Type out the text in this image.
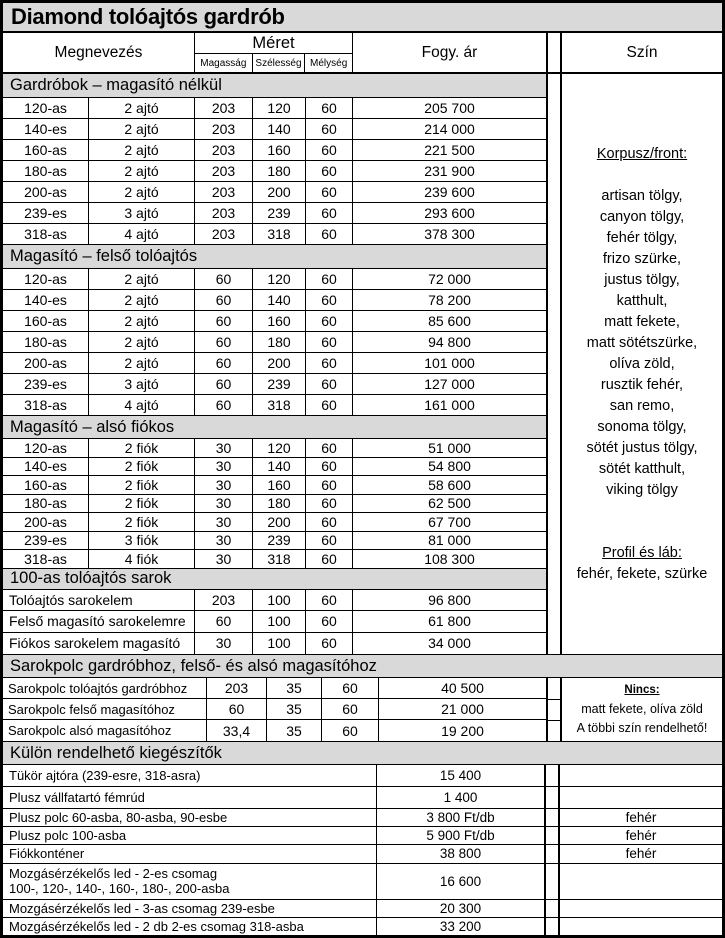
Diamond tolóajtós gardrób
Megnevezés
Méret
Magasság Szélesség Mélység
Fogy. ár	Szín
Gardróbok – magasító nélkül
120-as	2 ajtó	203	120	60	205 700
140-es	2 ajtó	203	140	60	214 000
160-as	2 ajtó	203	160	60	221 500
180-as	2 ajtó	203	180	60	231 900
200-as	2 ajtó	203	200	60	239 600
239-es	3 ajtó	203	239	60	293 600
318-as	4 ajtó	203	318	60	378 300
Magasító – felső tolóajtós
120-as	2 ajtó	60	120	60	72 000
140-es	2 ajtó	60	140	60	78 200
160-as	2 ajtó	60	160	60	85 600
180-as	2 ajtó	60	180	60	94 800
200-as	2 ajtó	60	200	60	101 000
239-es	3 ajtó	60	239	60	127 000
318-as	4 ajtó	60	318	60	161 000
Magasító – alsó fiókos
120-as	2 fiók	30	120	60	51 000
140-es	2 fiók	30	140	60	54 800
160-as	2 fiók	30	160	60	58 600
180-as	2 fiók	30	180	60	62 500
200-as	2 fiók	30	200	60	67 700
239-es	3 fiók	30	239	60	81 000
318-as	4 fiók	30	318	60	108 300
100-as tolóajtós sarok
Tolóajtós sarokelem	203	100	60	96 800
Felső magasító sarokelemre	60	100	60	61 800
Fiókos sarokelem magasító	30	100	60	34 000
Korpusz/front:
artisan tölgy,
canyon tölgy,
fehér tölgy,
frizo szürke,
justus tölgy,
katthult,
matt fekete,
matt sötétszürke,
olíva zöld,
rusztik fehér,
san remo,
sonoma tölgy,
sötét justus tölgy,
sötét katthult,
viking tölgy
Profil és láb:
fehér, fekete, szürke
Sarokpolc gardróbhoz, felső- és alsó magasítóhoz
Sarokpolc tolóajtós gardróbhoz	203	35	60	40 500
Sarokpolc felső magasítóhoz	60	35	60	21 000
Sarokpolc alsó magasítóhoz	33,4	35	60	19 200
Nincs:
matt fekete, olíva zöld
A többi szín rendelhető!
Külön rendelhető kiegészítők
Tükör ajtóra (239-esre, 318-asra)	15 400
Plusz vállfatartó fémrúd	1 400
Plusz polc 60-asba, 80-asba, 90-esbe	3 800 Ft/db	fehér
Plusz polc 100-asba	5 900 Ft/db	fehér
Fiókkonténer	38 800	fehér
Mozgásérzékelős led - 2-es csomag
100-, 120-, 140-, 160-, 180-, 200-asba	16 600
Mozgásérzékelős led - 3-as csomag 239-esbe	20 300
Mozgásérzékelős led - 2 db 2-es csomag 318-asba	33 200
